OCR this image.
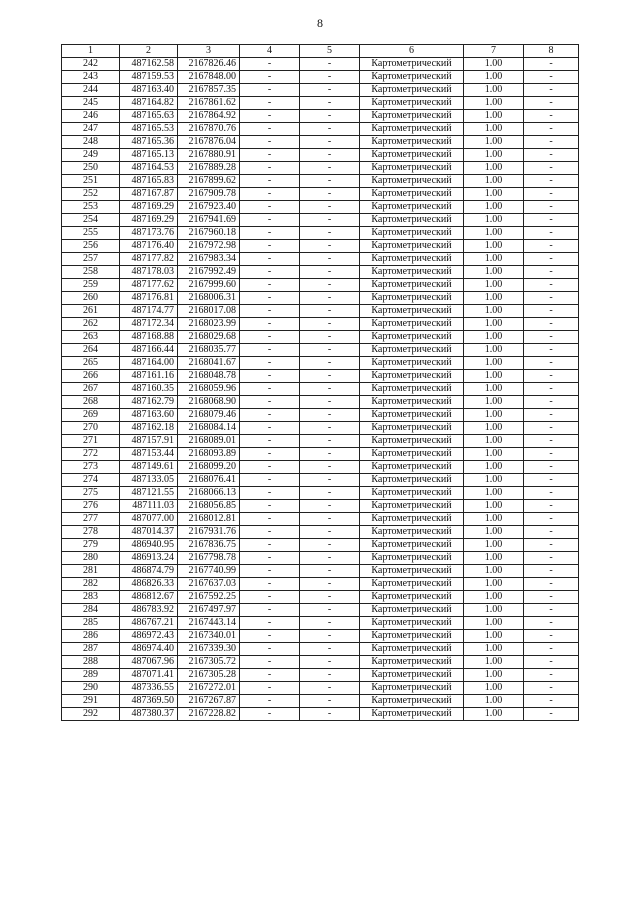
8
1	2	3	4	5	6	7	8
242	487162.58	2167826.46	-	-	Картометрический	1.00	-
243	487159.53	2167848.00	-	-	Картометрический	1.00	-
244	487163.40	2167857.35	-	-	Картометрический	1.00	-
245	487164.82	2167861.62	-	-	Картометрический	1.00	-
246	487165.63	2167864.92	-	-	Картометрический	1.00	-
247	487165.53	2167870.76	-	-	Картометрический	1.00	-
248	487165.36	2167876.04	-	-	Картометрический	1.00	-
249	487165.13	2167880.91	-	-	Картометрический	1.00	-
250	487164.53	2167889.28	-	-	Картометрический	1.00	-
251	487165.83	2167899.62	-	-	Картометрический	1.00	-
252	487167.87	2167909.78	-	-	Картометрический	1.00	-
253	487169.29	2167923.40	-	-	Картометрический	1.00	-
254	487169.29	2167941.69	-	-	Картометрический	1.00	-
255	487173.76	2167960.18	-	-	Картометрический	1.00	-
256	487176.40	2167972.98	-	-	Картометрический	1.00	-
257	487177.82	2167983.34	-	-	Картометрический	1.00	-
258	487178.03	2167992.49	-	-	Картометрический	1.00	-
259	487177.62	2167999.60	-	-	Картометрический	1.00	-
260	487176.81	2168006.31	-	-	Картометрический	1.00	-
261	487174.77	2168017.08	-	-	Картометрический	1.00	-
262	487172.34	2168023.99	-	-	Картометрический	1.00	-
263	487168.88	2168029.68	-	-	Картометрический	1.00	-
264	487166.44	2168035.77	-	-	Картометрический	1.00	-
265	487164.00	2168041.67	-	-	Картометрический	1.00	-
266	487161.16	2168048.78	-	-	Картометрический	1.00	-
267	487160.35	2168059.96	-	-	Картометрический	1.00	-
268	487162.79	2168068.90	-	-	Картометрический	1.00	-
269	487163.60	2168079.46	-	-	Картометрический	1.00	-
270	487162.18	2168084.14	-	-	Картометрический	1.00	-
271	487157.91	2168089.01	-	-	Картометрический	1.00	-
272	487153.44	2168093.89	-	-	Картометрический	1.00	-
273	487149.61	2168099.20	-	-	Картометрический	1.00	-
274	487133.05	2168076.41	-	-	Картометрический	1.00	-
275	487121.55	2168066.13	-	-	Картометрический	1.00	-
276	487111.03	2168056.85	-	-	Картометрический	1.00	-
277	487077.00	2168012.81	-	-	Картометрический	1.00	-
278	487014.37	2167931.76	-	-	Картометрический	1.00	-
279	486940.95	2167836.75	-	-	Картометрический	1.00	-
280	486913.24	2167798.78	-	-	Картометрический	1.00	-
281	486874.79	2167740.99	-	-	Картометрический	1.00	-
282	486826.33	2167637.03	-	-	Картометрический	1.00	-
283	486812.67	2167592.25	-	-	Картометрический	1.00	-
284	486783.92	2167497.97	-	-	Картометрический	1.00	-
285	486767.21	2167443.14	-	-	Картометрический	1.00	-
286	486972.43	2167340.01	-	-	Картометрический	1.00	-
287	486974.40	2167339.30	-	-	Картометрический	1.00	-
288	487067.96	2167305.72	-	-	Картометрический	1.00	-
289	487071.41	2167305.28	-	-	Картометрический	1.00	-
290	487336.55	2167272.01	-	-	Картометрический	1.00	-
291	487369.50	2167267.87	-	-	Картометрический	1.00	-
292	487380.37	2167228.82	-	-	Картометрический	1.00	-
